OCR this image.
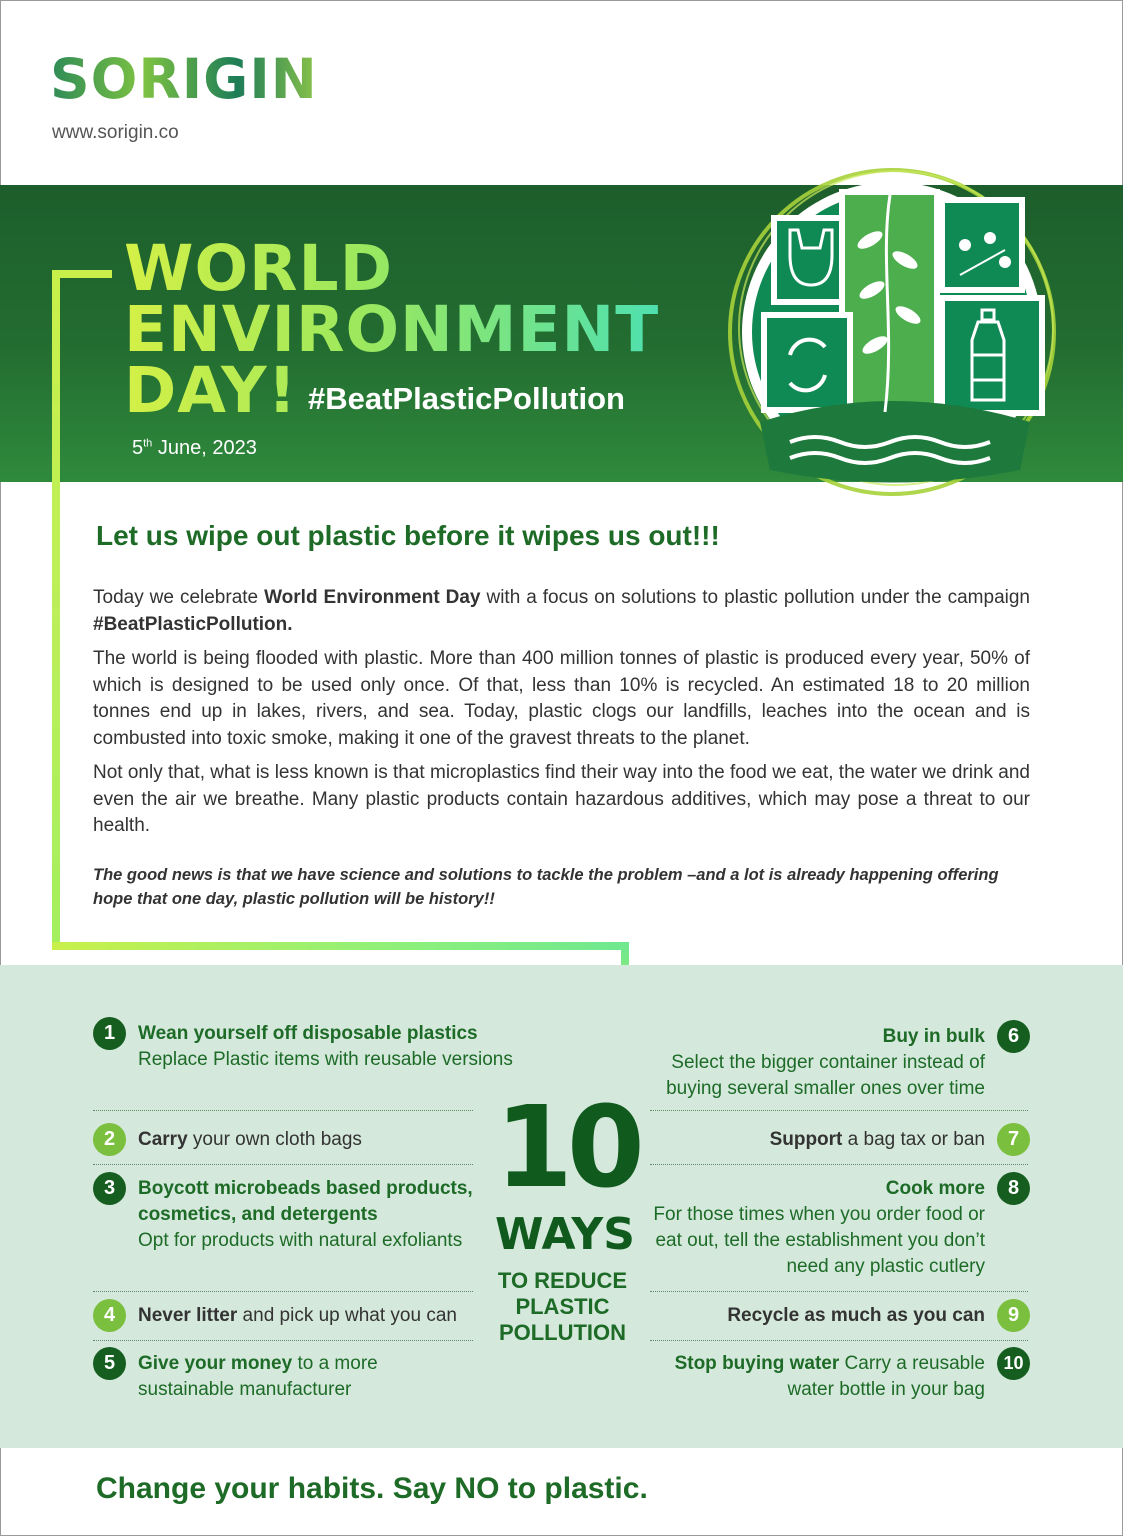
SORIGIN
www.sorigin.co
WORLD
ENVIRONMENT
DAY! #BeatPlasticPollution
5th June, 2023
Let us wipe out plastic before it wipes us out!!!

Today we celebrate World Environment Day with a focus on solutions to plastic pollution under the campaign #BeatPlasticPollution.

The world is being flooded with plastic. More than 400 million tonnes of plastic is produced every year, 50% of which is designed to be used only once. Of that, less than 10% is recycled. An estimated 18 to 20 million tonnes end up in lakes, rivers, and sea. Today, plastic clogs our landfills, leaches into the ocean and is combusted into toxic smoke, making it one of the gravest threats to the planet.

Not only that, what is less known is that microplastics find their way into the food we eat, the water we drink and even the air we breathe. Many plastic products contain hazardous additives, which may pose a threat to our health.

The good news is that we have science and solutions to tackle the problem –and a lot is already happening offering hope that one day, plastic pollution will be history!!
1	Wean yourself off disposable plastics
Replace Plastic items with reusable versions
2	Carry your own cloth bags
3	Boycott microbeads based products, cosmetics, and detergents
Opt for products with natural exfoliants
4	Never litter and pick up what you can
5	Give your money to a more sustainable manufacturer
10
WAYS
TO REDUCE PLASTIC POLLUTION
6
Buy in bulk
Select the bigger container instead of buying several smaller ones over time
7
Support a bag tax or ban
8
Cook more
For those times when you order food or eat out, tell the establishment you don’t need any plastic cutlery
9
Recycle as much as you can
10
Stop buying water Carry a reusable water bottle in your bag
Change your habits. Say NO to plastic.
